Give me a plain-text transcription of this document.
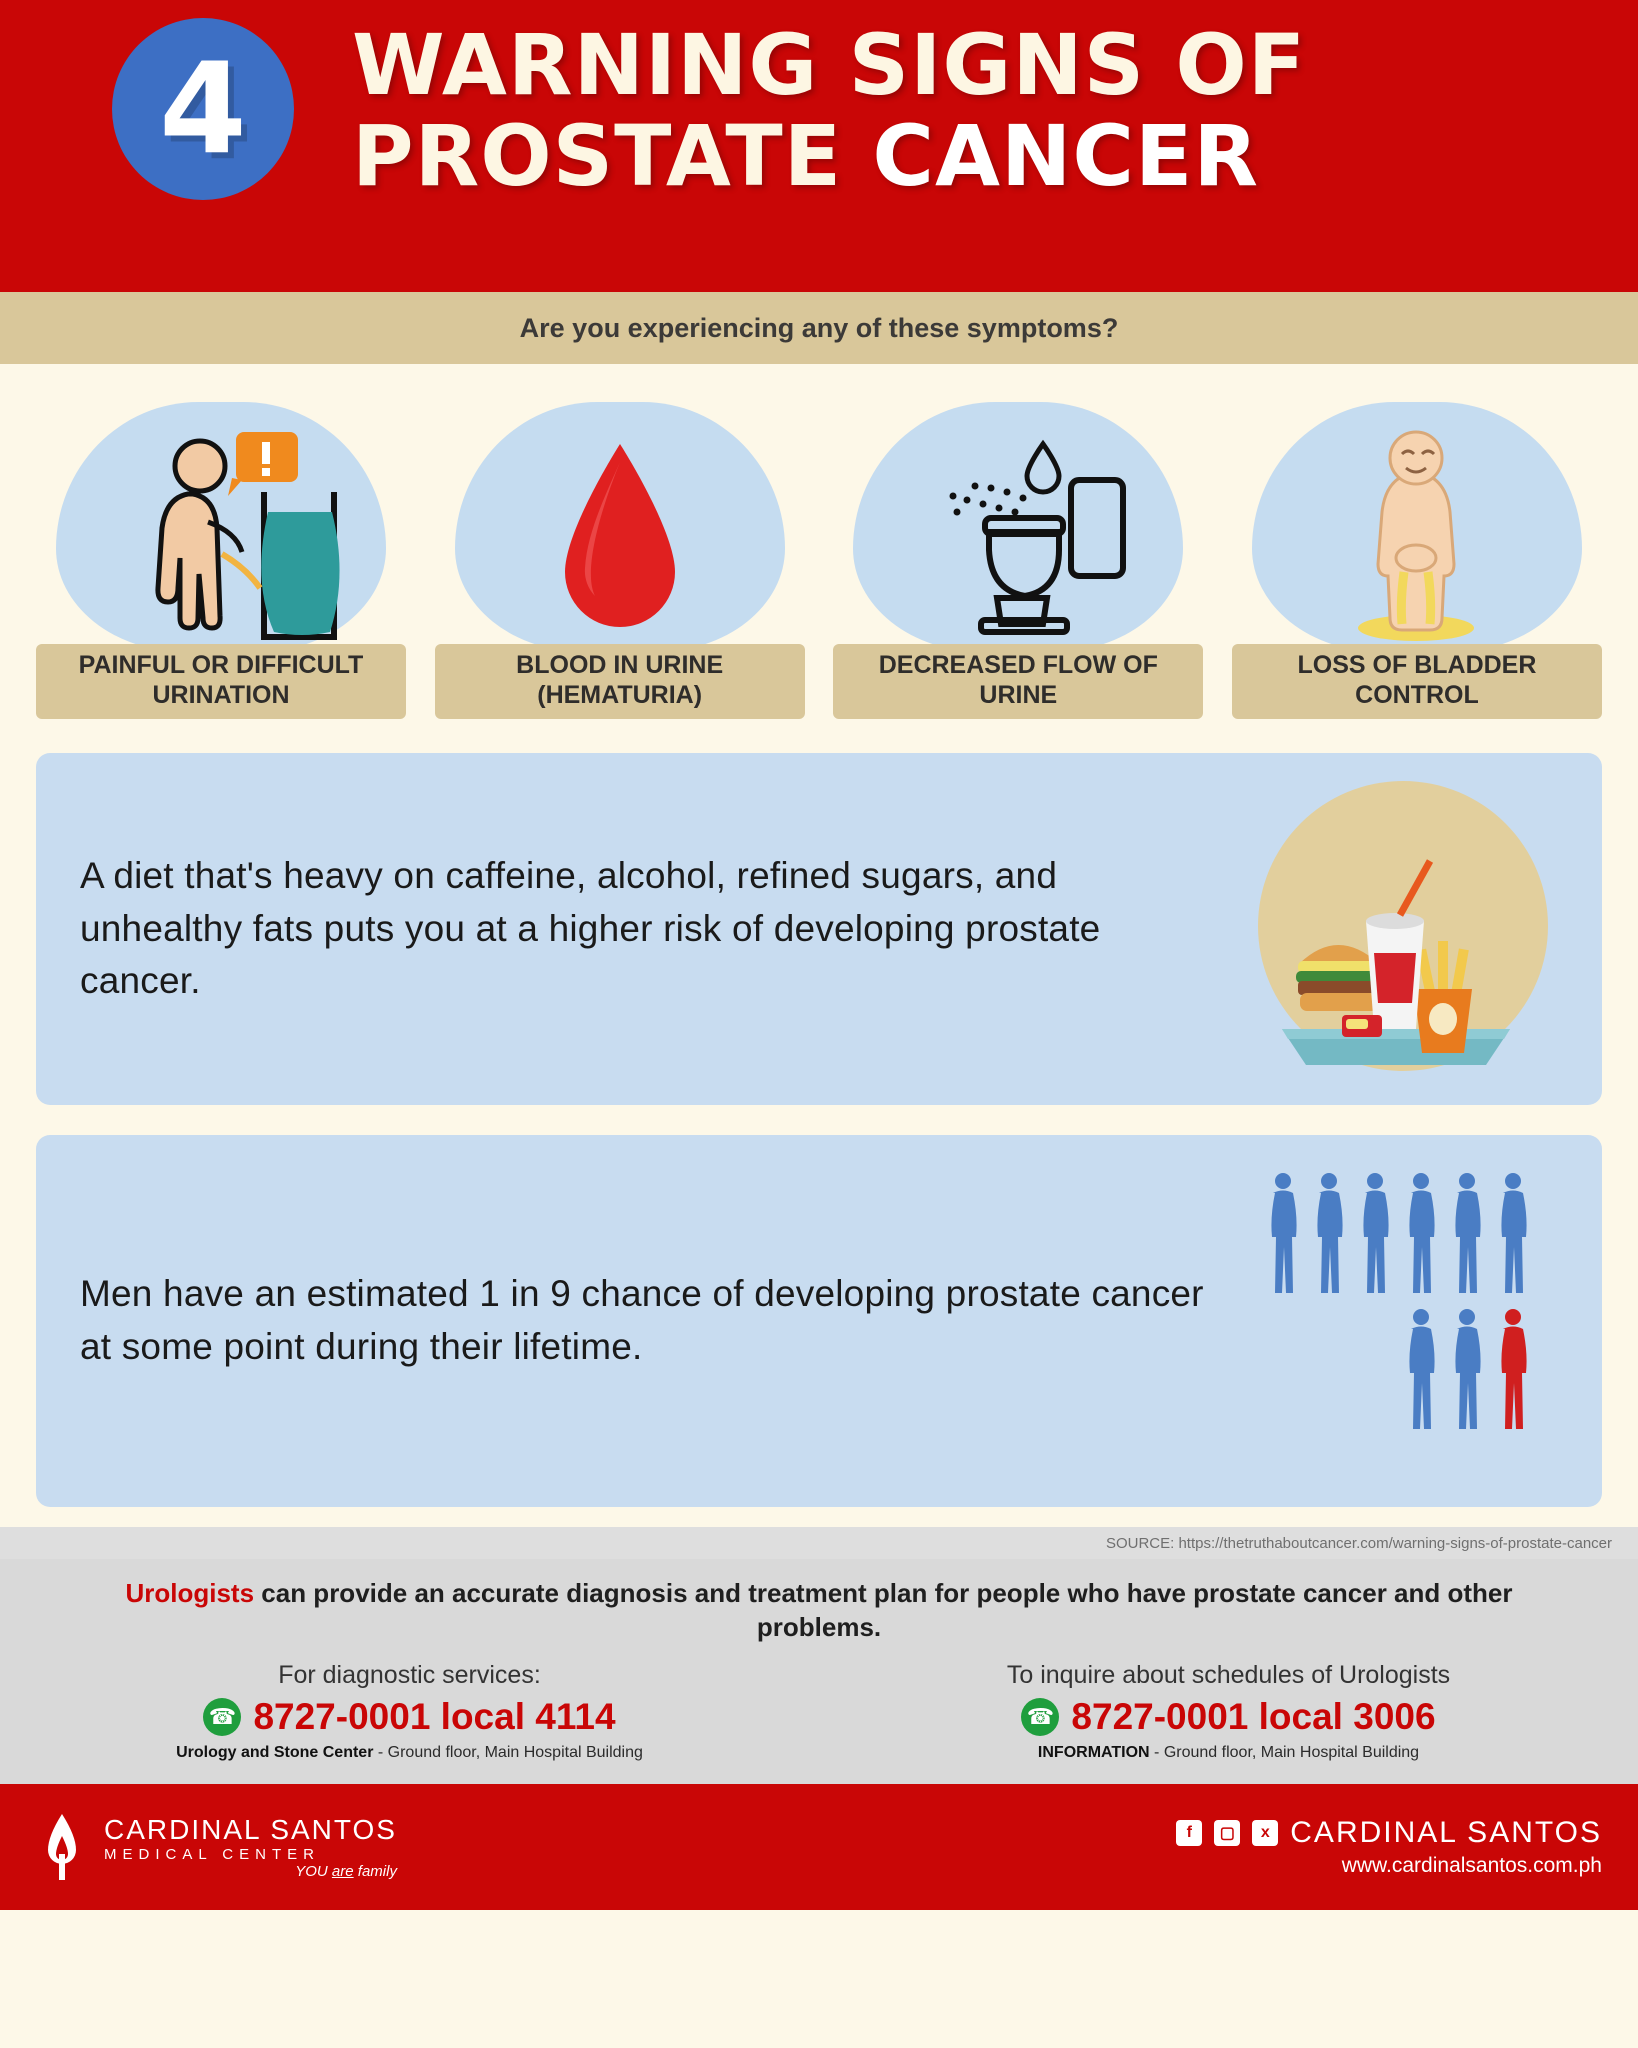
4 WARNING SIGNS OF
PROSTATE CANCER
Are you experiencing any of these symptoms?
PAINFUL OR DIFFICULT URINATION
BLOOD IN URINE (HEMATURIA)
DECREASED FLOW OF URINE
LOSS OF BLADDER CONTROL
A diet that's heavy on caffeine, alcohol, refined sugars, and unhealthy fats puts you at a higher risk of developing prostate cancer.
Men have an estimated 1 in 9 chance of developing prostate cancer at some point during their lifetime.
SOURCE: https://thetruthaboutcancer.com/warning-signs-of-prostate-cancer
Urologists can provide an accurate diagnosis and treatment plan for people who have prostate cancer and other problems.
For diagnostic services:
☎ 8727-0001 local 4114
Urology and Stone Center - Ground floor, Main Hospital Building
To inquire about schedules of Urologists
☎ 8727-0001 local 3006
INFORMATION - Ground floor, Main Hospital Building
CARDINAL SANTOS
MEDICAL CENTER
YOU are family
f	▢	x CARDINAL SANTOS
www.cardinalsantos.com.ph
